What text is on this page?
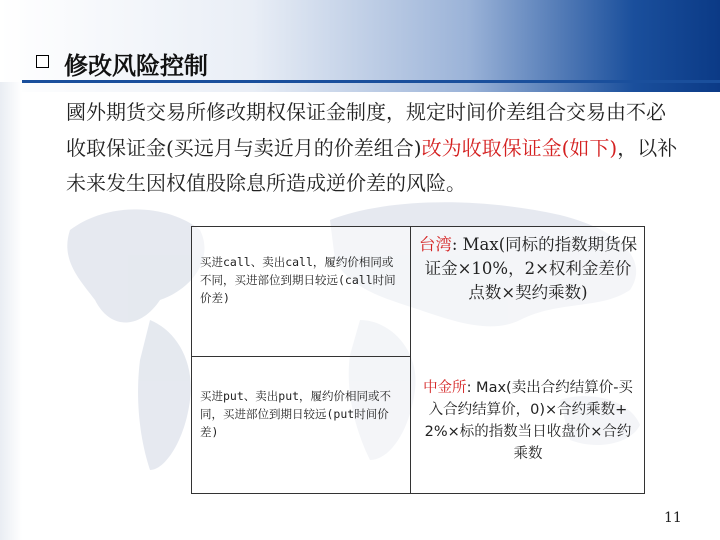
修改风险控制

國外期货交易所修改期权保证金制度，规定时间价差组合交易由不必收取保证金(买远月与卖近月的价差组合)改为收取保证金(如下)，以补未来发生因权值股除息所造成逆价差的风险。

买进call、卖出call，履约价相同或不同，买进部位到期日较远(call时间价差)
买进put、卖出put，履约价相同或不同，买进部位到期日较远(put时间价差)
台湾: Max(同标的指数期货保证金×10%，2×权利金差价点数×契约乘数)
中金所: Max(卖出合约结算价-买入合约结算价，0)×合约乘数+ 2%×标的指数当日收盘价×合约乘数
11
